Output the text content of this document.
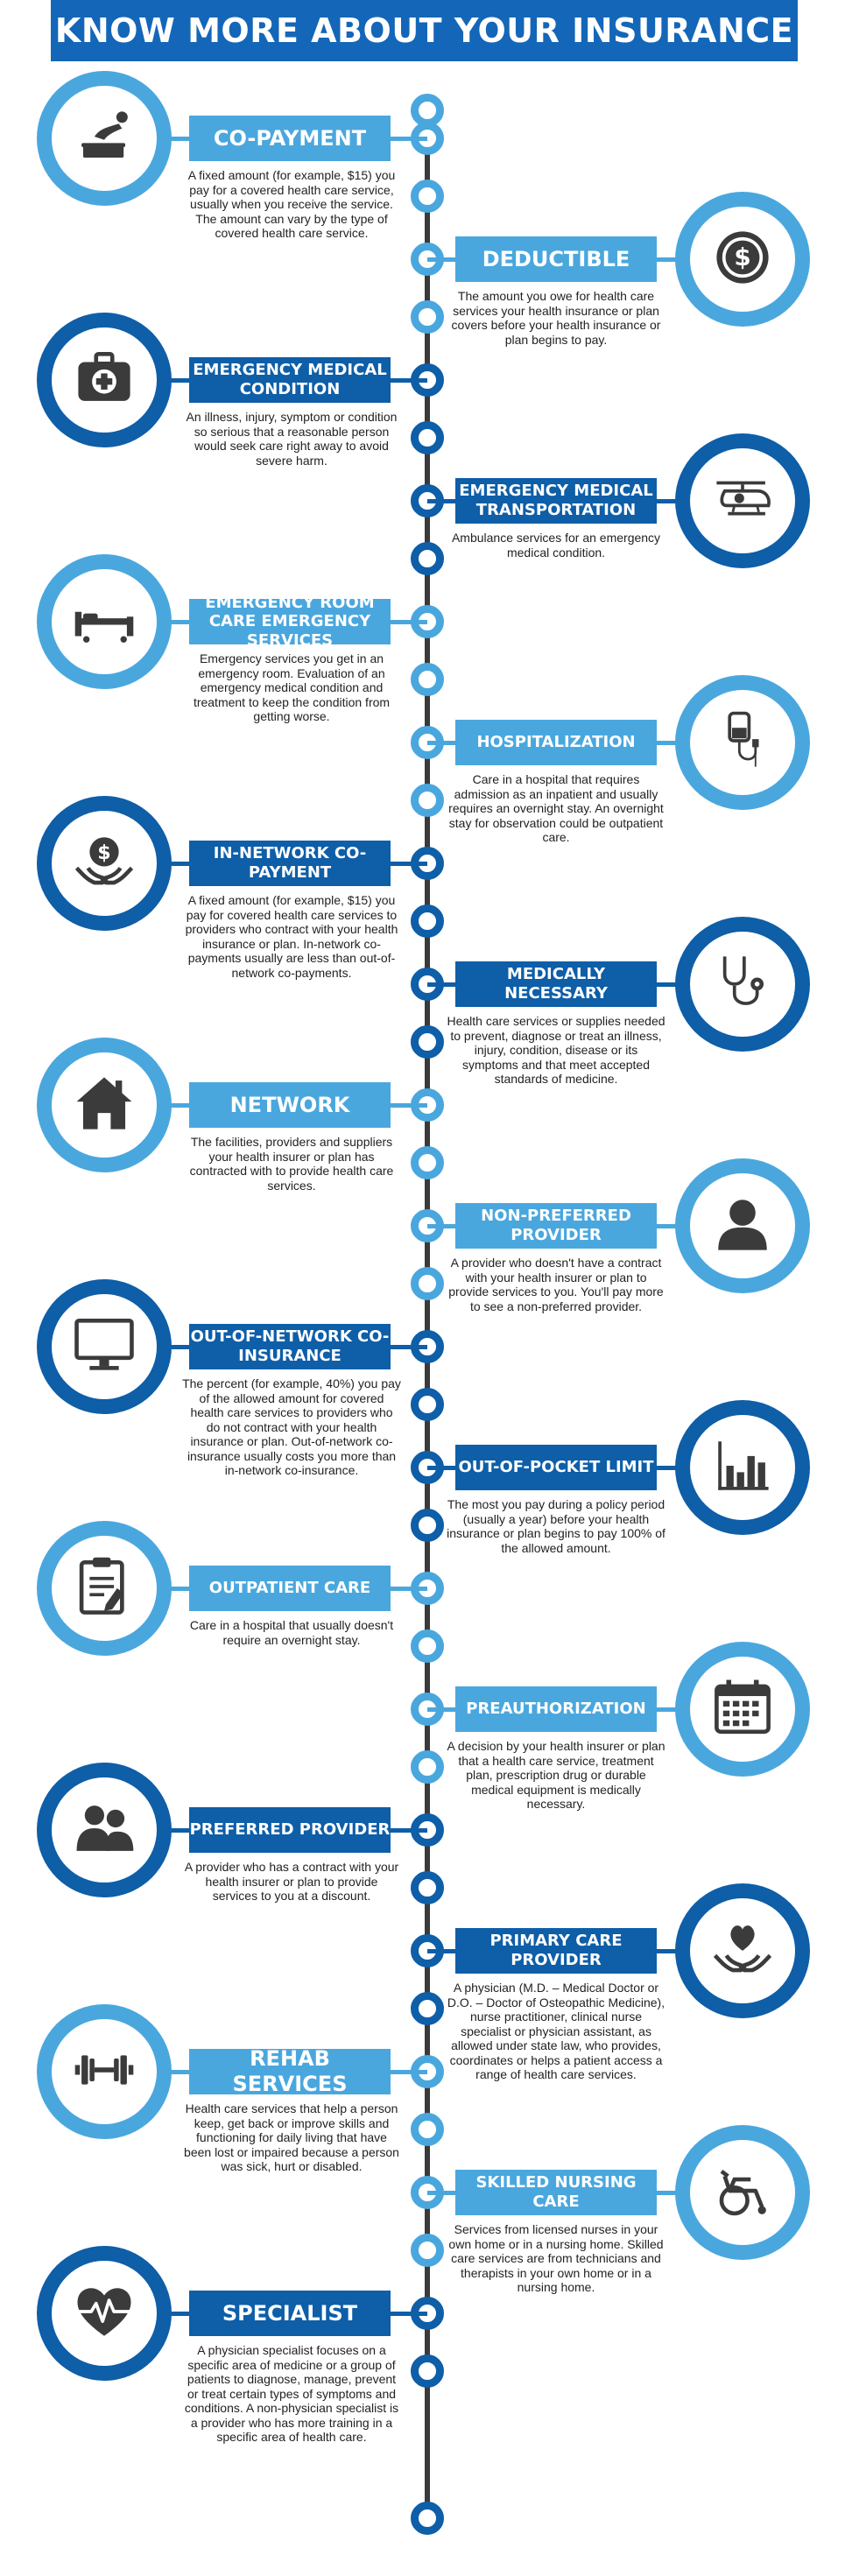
KNOW MORE ABOUT YOUR INSURANCE
CO-PAYMENT
A fixed amount (for example, $15) you pay for a covered health care service, usually when you receive the service. The amount can vary by the type of covered health care service.
$
DEDUCTIBLE
The amount you owe for health care services your health insurance or plan covers before your health insurance or plan begins to pay.
EMERGENCY MEDICAL CONDITION
An illness, injury, symptom or condition so serious that a reasonable person would seek care right away to avoid severe harm.
EMERGENCY MEDICAL TRANSPORTATION
Ambulance services for an emergency medical condition.
EMERGENCY ROOM CARE EMERGENCY SERVICES
Emergency services you get in an emergency room. Evaluation of an emergency medical condition and treatment to keep the condition from getting worse.
HOSPITALIZATION
Care in a hospital that requires admission as an inpatient and usually requires an overnight stay. An overnight stay for observation could be outpatient care.
$	IN-NETWORK CO-PAYMENT
A fixed amount (for example, $15) you pay for covered health care services to providers who contract with your health insurance or plan. In-network co-payments usually are less than out-of-network co-payments.	MEDICALLY NECESSARY
Health care services or supplies needed to prevent, diagnose or treat an illness, injury, condition, disease or its symptoms and that meet accepted standards of medicine.
NETWORK
The facilities, providers and suppliers your health insurer or plan has contracted with to provide health care services.
NON-PREFERRED PROVIDER
A provider who doesn't have a contract with your health insurer or plan to provide services to you. You'll pay more to see a non-preferred provider.
OUT-OF-NETWORK CO-INSURANCE
The percent (for example, 40%) you pay of the allowed amount for covered health care services to providers who do not contract with your health insurance or plan. Out-of-network co-insurance usually costs you more than in-network co-insurance.	OUT-OF-POCKET LIMIT
The most you pay during a policy period (usually a year) before your health insurance or plan begins to pay 100% of the allowed amount.
OUTPATIENT CARE
Care in a hospital that usually doesn't require an overnight stay.
PREAUTHORIZATION
A decision by your health insurer or plan that a health care service, treatment plan, prescription drug or durable medical equipment is medically necessary.
PREFERRED PROVIDER
A provider who has a contract with your health insurer or plan to provide services to you at a discount.
PRIMARY CARE PROVIDER
A physician (M.D. – Medical Doctor or D.O. – Doctor of Osteopathic Medicine), nurse practitioner, clinical nurse specialist or physician assistant, as allowed under state law, who provides, coordinates or helps a patient access a range of health care services.
REHAB SERVICES
Health care services that help a person keep, get back or improve skills and functioning for daily living that have been lost or impaired because a person was sick, hurt or disabled.
SKILLED NURSING CARE
Services from licensed nurses in your own home or in a nursing home. Skilled care services are from technicians and therapists in your own home or in a nursing home.
SPECIALIST
A physician specialist focuses on a specific area of medicine or a group of patients to diagnose, manage, prevent or treat certain types of symptoms and conditions. A non-physician specialist is a provider who has more training in a specific area of health care.
